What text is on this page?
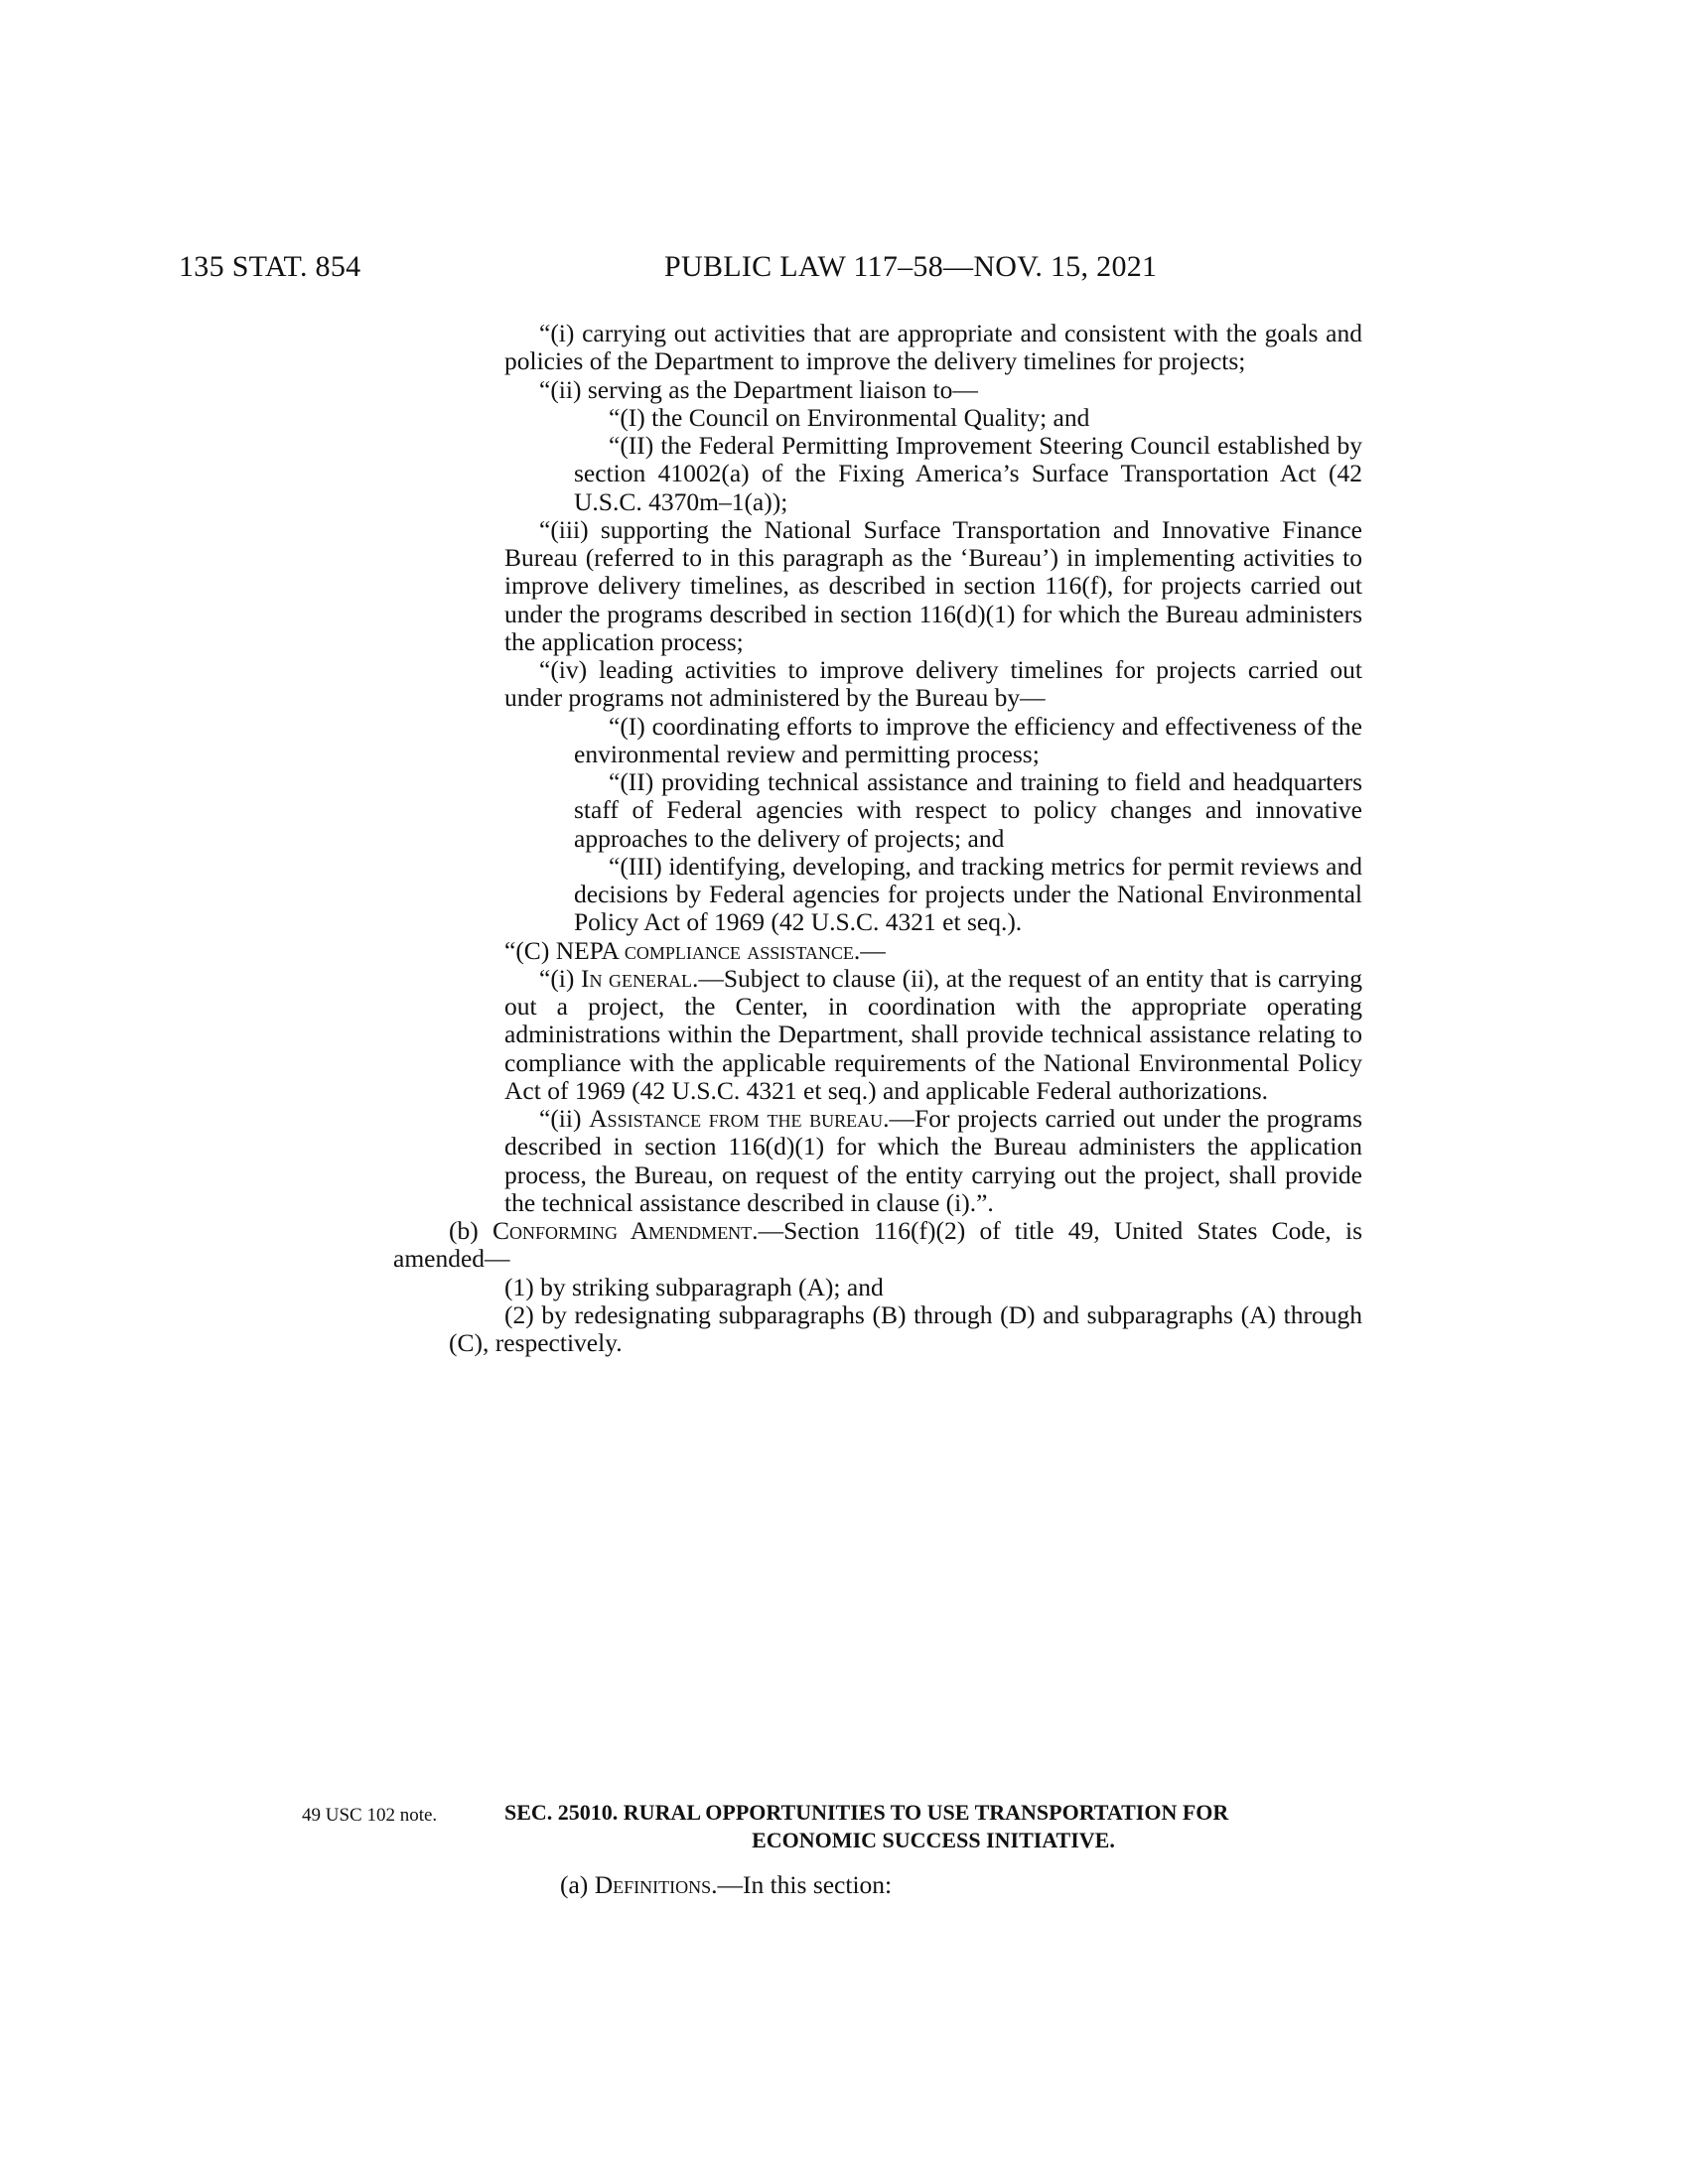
135 STAT. 854	PUBLIC LAW 117–58—NOV. 15, 2021

“(i) carrying out activities that are appropriate and consistent with the goals and policies of the Department to improve the delivery timelines for projects;

“(ii) serving as the Department liaison to—

“(I) the Council on Environmental Quality; and

“(II) the Federal Permitting Improvement Steering Council established by section 41002(a) of the Fixing America’s Surface Transportation Act (42 U.S.C. 4370m–1(a));

“(iii) supporting the National Surface Transportation and Innovative Finance Bureau (referred to in this paragraph as the ‘Bureau’) in implementing activities to improve delivery timelines, as described in section 116(f), for projects carried out under the programs described in section 116(d)(1) for which the Bureau administers the application process;

“(iv) leading activities to improve delivery timelines for projects carried out under programs not administered by the Bureau by—

“(I) coordinating efforts to improve the efficiency and effectiveness of the environmental review and permitting process;

“(II) providing technical assistance and training to field and headquarters staff of Federal agencies with respect to policy changes and innovative approaches to the delivery of projects; and

“(III) identifying, developing, and tracking metrics for permit reviews and decisions by Federal agencies for projects under the National Environmental Policy Act of 1969 (42 U.S.C. 4321 et seq.).

“(C) NEPA compliance assistance.—

“(i) In general.—Subject to clause (ii), at the request of an entity that is carrying out a project, the Center, in coordination with the appropriate operating administrations within the Department, shall provide technical assistance relating to compliance with the applicable requirements of the National Environmental Policy Act of 1969 (42 U.S.C. 4321 et seq.) and applicable Federal authorizations.

“(ii) Assistance from the bureau.—For projects carried out under the programs described in section 116(d)(1) for which the Bureau administers the application process, the Bureau, on request of the entity carrying out the project, shall provide the technical assistance described in clause (i).”.

(b) Conforming Amendment.—Section 116(f)(2) of title 49, United States Code, is amended—

(1) by striking subparagraph (A); and

(2) by redesignating subparagraphs (B) through (D) and subparagraphs (A) through (C), respectively.

49 USC 102 note.	SEC. 25010. RURAL OPPORTUNITIES TO USE TRANSPORTATION FOR
ECONOMIC SUCCESS INITIATIVE.
(a) Definitions.—In this section:
